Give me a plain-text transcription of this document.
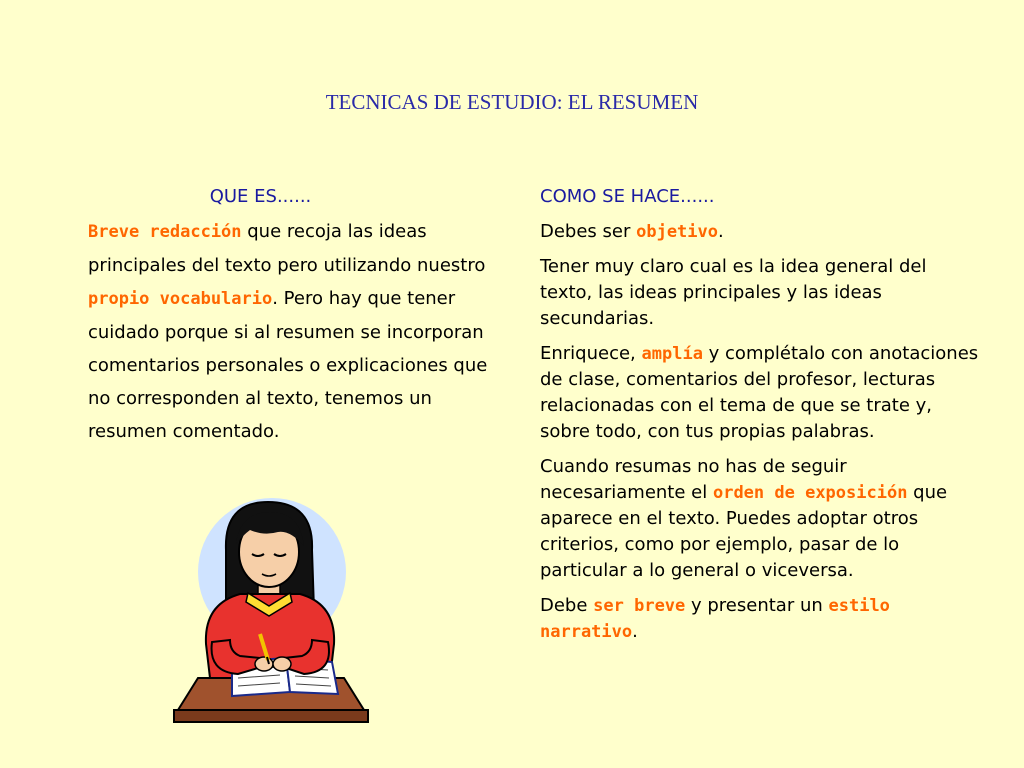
TECNICAS DE ESTUDIO: EL RESUMEN
QUE ES......
Breve redacción que recoja las ideas principales del texto pero utilizando nuestro propio vocabulario. Pero hay que tener cuidado porque si al resumen se incorporan comentarios personales o explicaciones que no corresponden al texto, tenemos un resumen comentado.
COMO SE HACE......

Debes ser objetivo.

Tener muy claro cual es la idea general del texto, las ideas principales y las ideas secundarias.

Enriquece, amplía y complétalo con anotaciones de clase, comentarios del profesor, lecturas relacionadas con el tema de que se trate y, sobre todo, con tus propias palabras.

Cuando resumas no has de seguir necesariamente el orden de exposición que aparece en el texto. Puedes adoptar otros criterios, como por ejemplo, pasar de lo particular a lo general o viceversa.

Debe ser breve y presentar un estilo narrativo.
